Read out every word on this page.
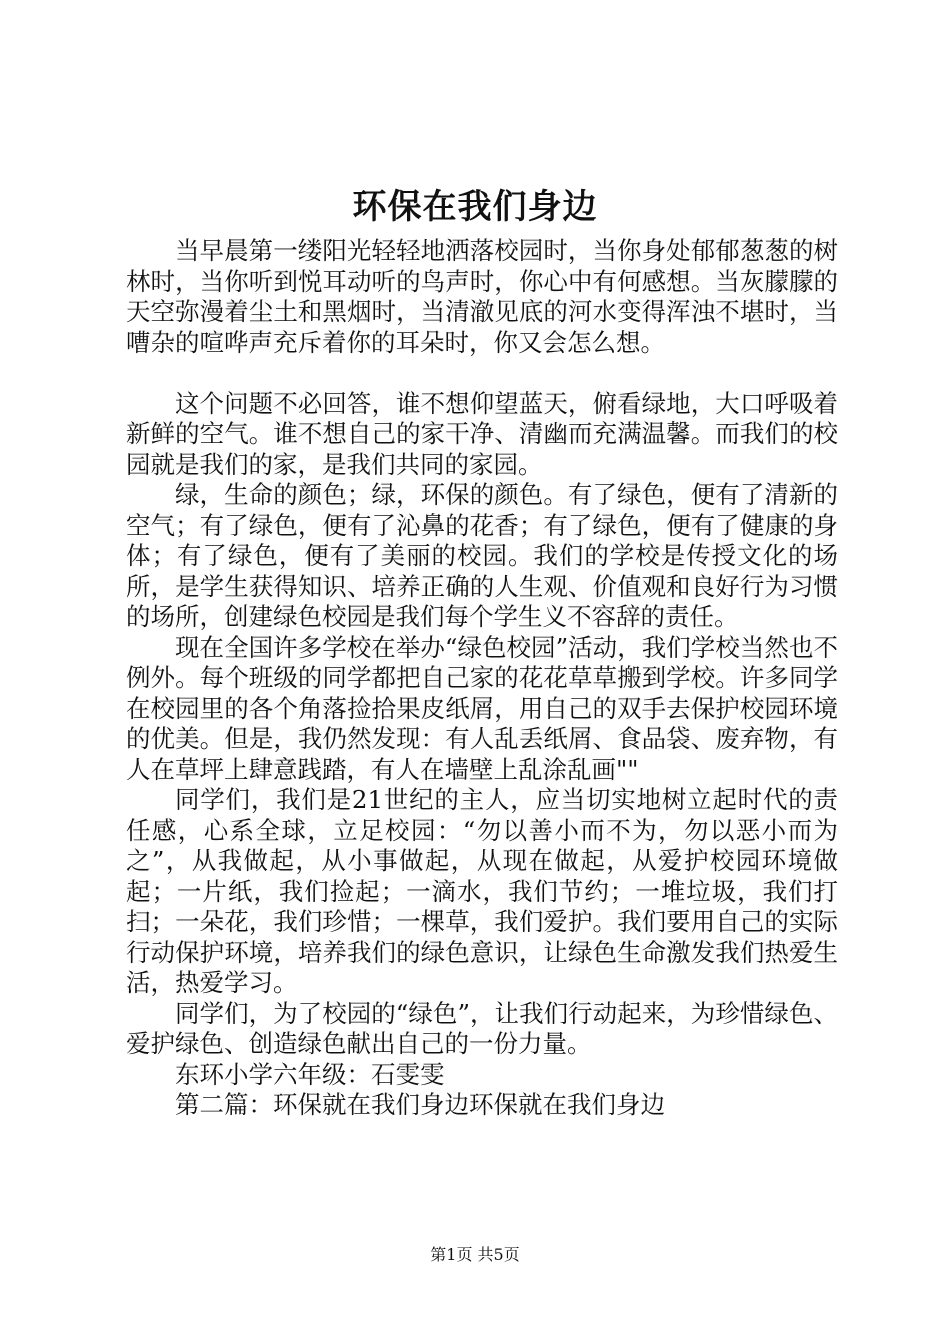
环保在我们身边

当早晨第一缕阳光轻轻地洒落校园时，当你身处郁郁葱葱的树林时，当你听到悦耳动听的鸟声时，你心中有何感想。当灰朦朦的天空弥漫着尘土和黑烟时，当清澈见底的河水变得浑浊不堪时，当嘈杂的喧哗声充斥着你的耳朵时，你又会怎么想。

这个问题不必回答，谁不想仰望蓝天，俯看绿地，大口呼吸着新鲜的空气。谁不想自己的家干净、清幽而充满温馨。而我们的校园就是我们的家，是我们共同的家园。

绿，生命的颜色；绿，环保的颜色。有了绿色，便有了清新的空气；有了绿色，便有了沁鼻的花香；有了绿色，便有了健康的身体；有了绿色，便有了美丽的校园。我们的学校是传授文化的场所，是学生获得知识、培养正确的人生观、价值观和良好行为习惯的场所，创建绿色校园是我们每个学生义不容辞的责任。

现在全国许多学校在举办“绿色校园”活动，我们学校当然也不例外。每个班级的同学都把自己家的花花草草搬到学校。许多同学在校园里的各个角落捡拾果皮纸屑，用自己的双手去保护校园环境的优美。但是，我仍然发现：有人乱丢纸屑、食品袋、废弃物，有人在草坪上肆意践踏，有人在墙壁上乱涂乱画""

同学们，我们是21世纪的主人，应当切实地树立起时代的责任感，心系全球，立足校园：“勿以善小而不为，勿以恶小而为之”，从我做起，从小事做起，从现在做起，从爱护校园环境做起；一片纸，我们捡起；一滴水，我们节约；一堆垃圾，我们打扫；一朵花，我们珍惜；一棵草，我们爱护。我们要用自己的实际行动保护环境，培养我们的绿色意识，让绿色生命激发我们热爱生活，热爱学习。

同学们，为了校园的“绿色”，让我们行动起来，为珍惜绿色、爱护绿色、创造绿色献出自己的一份力量。

东环小学六年级：石雯雯

第二篇：环保就在我们身边环保就在我们身边

第1页 共5页
